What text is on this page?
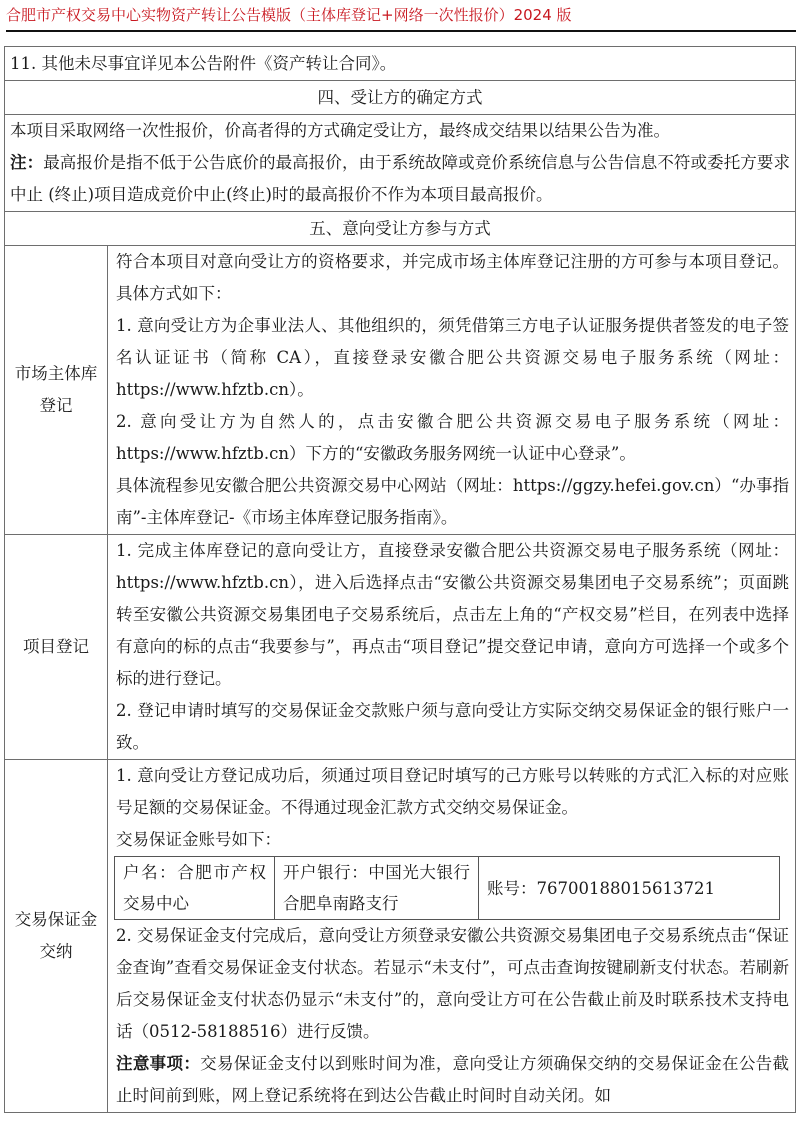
合肥市产权交易中心实物资产转让公告模版（主体库登记+网络一次性报价）2024 版
11. 其他未尽事宜详见本公告附件《资产转让合同》。
四、受让方的确定方式

本项目采取网络一次性报价，价高者得的方式确定受让方，最终成交结果以结果公告为准。
注：最高报价是指不低于公告底价的最高报价，由于系统故障或竞价系统信息与公告信息不符或委托方要求中止 (终止)项目造成竞价中止(终止)时的最高报价不作为本项目最高报价。

五、意向受让方参与方式
市场主体库登记	
符合本项目对意向受让方的资格要求，并完成市场主体库登记注册的方可参与本项目登记。具体方式如下：
1. 意向受让方为企事业法人、其他组织的，须凭借第三方电子认证服务提供者签发的电子签名认证证书（简称 CA），直接登录安徽合肥公共资源交易电子服务系统（网址：https://www.hfztb.cn）。
2. 意向受让方为自然人的，点击安徽合肥公共资源交易电子服务系统（网址：https://www.hfztb.cn）下方的“安徽政务服务网统一认证中心登录”。
具体流程参见安徽合肥公共资源交易中心网站（网址：https://ggzy.hefei.gov.cn）“办事指南”-主体库登记-《市场主体库登记服务指南》。

项目登记	
1. 完成主体库登记的意向受让方，直接登录安徽合肥公共资源交易电子服务系统（网址：https://www.hfztb.cn），进入后选择点击“安徽公共资源交易集团电子交易系统”；页面跳转至安徽公共资源交易集团电子交易系统后，点击左上角的“产权交易”栏目，在列表中选择有意向的标的点击“我要参与”，再点击“项目登记”提交登记申请，意向方可选择一个或多个标的进行登记。
2. 登记申请时填写的交易保证金交款账户须与意向受让方实际交纳交易保证金的银行账户一致。

交易保证金交纳	
1. 意向受让方登记成功后，须通过项目登记时填写的己方账号以转账的方式汇入标的对应账号足额的交易保证金。不得通过现金汇款方式交纳交易保证金。
交易保证金账号如下：
户名：合肥市产权交易中心	开户银行：中国光大银行合肥阜南路支行	账号：76700188015613721
2. 交易保证金支付完成后，意向受让方须登录安徽公共资源交易集团电子交易系统点击“保证金查询”查看交易保证金支付状态。若显示“未支付”，可点击查询按键刷新支付状态。若刷新后交易保证金支付状态仍显示“未支付”的，意向受让方可在公告截止前及时联系技术支持电话（0512-58188516）进行反馈。
注意事项：交易保证金支付以到账时间为准，意向受让方须确保交纳的交易保证金在公告截止时间前到账，网上登记系统将在到达公告截止时间时自动关闭。如
